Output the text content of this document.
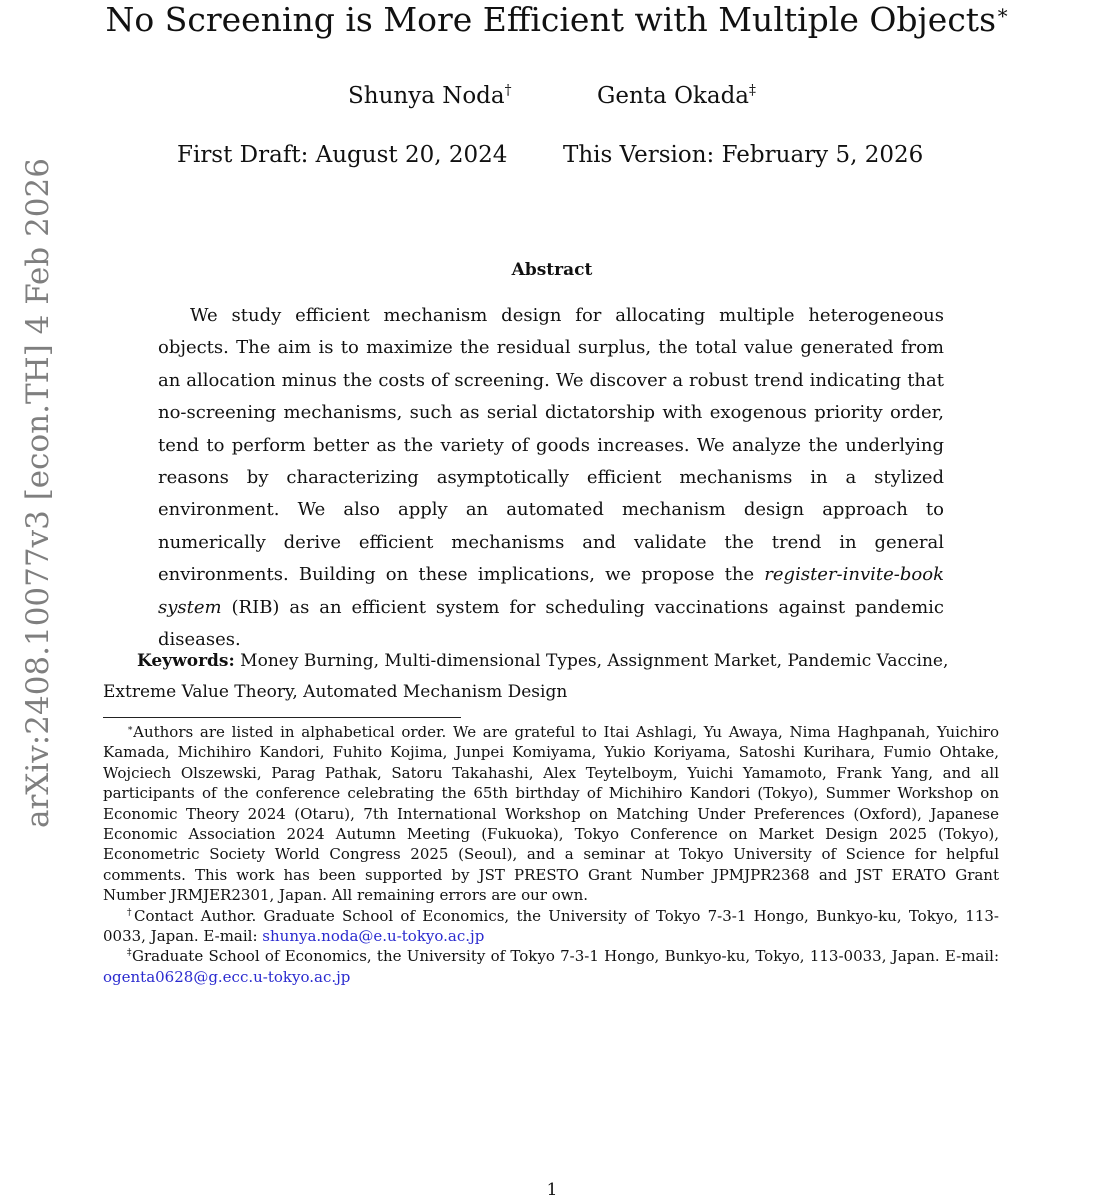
arXiv:2408.10077v3 [econ.TH] 4 Feb 2026
No Screening is More Efficient with Multiple Objects∗
Shunya Noda†	Genta Okada‡
First Draft: August 20, 2024 This Version: February 5, 2026
Abstract

We study efficient mechanism design for allocating multiple heterogeneous objects. The aim is to maximize the residual surplus, the total value generated from an allocation minus the costs of screening. We discover a robust trend indicating that no-screening mechanisms, such as serial dictatorship with exogenous priority order, tend to perform better as the variety of goods increases. We analyze the underlying reasons by characterizing asymptotically efficient mechanisms in a stylized environment. We also apply an automated mechanism design approach to numerically derive efficient mechanisms and validate the trend in general environments. Building on these implications, we propose the register-invite-book system (RIB) as an efficient system for scheduling vaccinations against pandemic diseases.

Keywords: Money Burning, Multi-dimensional Types, Assignment Market, Pandemic Vaccine, Extreme Value Theory, Automated Mechanism Design

∗Authors are listed in alphabetical order. We are grateful to Itai Ashlagi, Yu Awaya, Nima Haghpanah, Yuichiro Kamada, Michihiro Kandori, Fuhito Kojima, Junpei Komiyama, Yukio Koriyama, Satoshi Kurihara, Fumio Ohtake, Wojciech Olszewski, Parag Pathak, Satoru Takahashi, Alex Teytelboym, Yuichi Yamamoto, Frank Yang, and all participants of the conference celebrating the 65th birthday of Michihiro Kandori (Tokyo), Summer Workshop on Economic Theory 2024 (Otaru), 7th International Workshop on Matching Under Preferences (Oxford), Japanese Economic Association 2024 Autumn Meeting (Fukuoka), Tokyo Conference on Market Design 2025 (Tokyo), Econometric Society World Congress 2025 (Seoul), and a seminar at Tokyo University of Science for helpful comments. This work has been supported by JST PRESTO Grant Number JPMJPR2368 and JST ERATO Grant Number JRMJER2301, Japan. All remaining errors are our own.

†Contact Author. Graduate School of Economics, the University of Tokyo 7-3-1 Hongo, Bunkyo-ku, Tokyo, 113-0033, Japan. E-mail: shunya.noda@e.u-tokyo.ac.jp

‡Graduate School of Economics, the University of Tokyo 7-3-1 Hongo, Bunkyo-ku, Tokyo, 113-0033, Japan. E-mail: ogenta0628@g.ecc.u-tokyo.ac.jp

1
